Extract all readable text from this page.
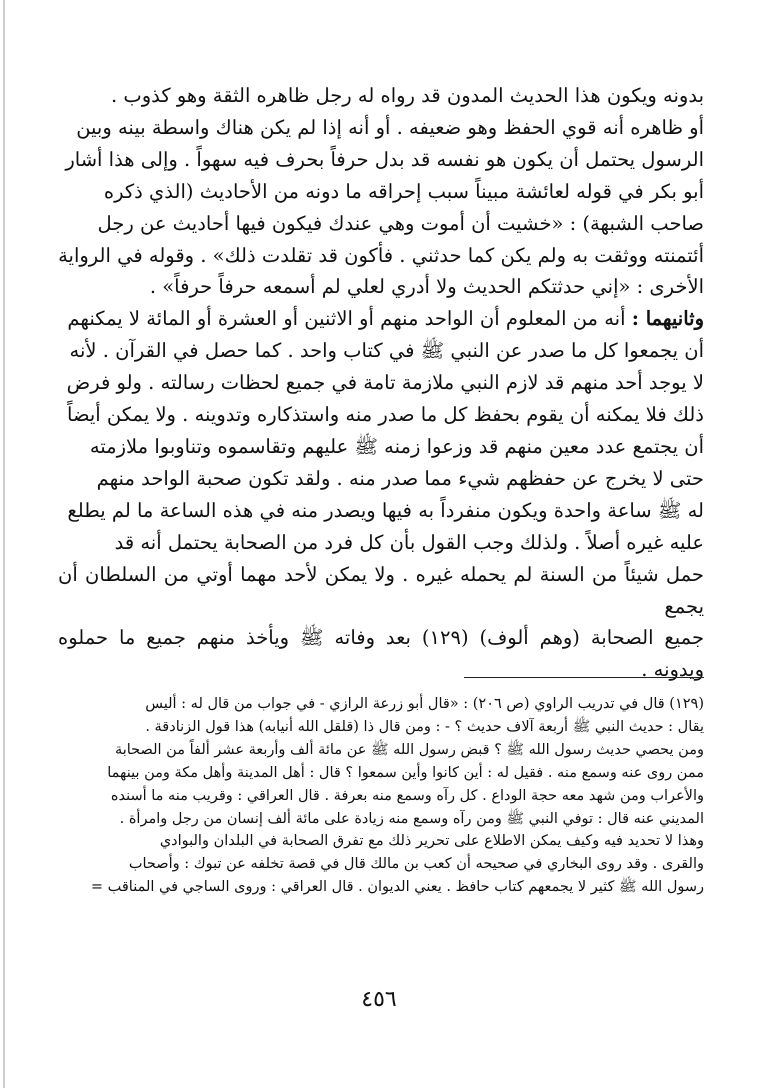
بدونه ويكون هذا الحديث المدون قد رواه له رجل ظاهره الثقة وهو كذوب .

أو ظاهره أنه قوي الحفظ وهو ضعيفه . أو أنه إذا لم يكن هناك واسطة بينه وبين

الرسول يحتمل أن يكون هو نفسه قد بدل حرفاً بحرف فيه سهواً . وإلى هذا أشار

أبو بكر في قوله لعائشة مبيناً سبب إحراقه ما دونه من الأحاديث (الذي ذكره

صاحب الشبهة) : «خشيت أن أموت وهي عندك فيكون فيها أحاديث عن رجل

أئتمنته ووثقت به ولم يكن كما حدثني . فأكون قد تقلدت ذلك» . وقوله في الرواية

الأخرى : «إني حدثتكم الحديث ولا أدري لعلي لم أسمعه حرفاً حرفاً» .

وثانيهما : أنه من المعلوم أن الواحد منهم أو الاثنين أو العشرة أو المائة لا يمكنهم

أن يجمعوا كل ما صدر عن النبي ﷺ في كتاب واحد . كما حصل في القرآن . لأنه

لا يوجد أحد منهم قد لازم النبي ملازمة تامة في جميع لحظات رسالته . ولو فرض

ذلك فلا يمكنه أن يقوم بحفظ كل ما صدر منه واستذكاره وتدوينه . ولا يمكن أيضاً

أن يجتمع عدد معين منهم قد وزعوا زمنه ﷺ عليهم وتقاسموه وتناوبوا ملازمته

حتى لا يخرج عن حفظهم شيء مما صدر منه . ولقد تكون صحبة الواحد منهم

له ﷺ ساعة واحدة ويكون منفرداً به فيها ويصدر منه في هذه الساعة ما لم يطلع

عليه غيره أصلاً . ولذلك وجب القول بأن كل فرد من الصحابة يحتمل أنه قد

حمل شيئاً من السنة لم يحمله غيره . ولا يمكن لأحد مهما أوتي من السلطان أن يجمع

جميع الصحابة (وهم ألوف) (١٢٩) بعد وفاته ﷺ ويأخذ منهم جميع ما حملوه ويدونه .

(١٢٩) قال في تدريب الراوي (ص ٢٠٦) : «قال أبو زرعة الرازي - في جواب من قال له : أليس

يقال : حديث النبي ﷺ أربعة آلاف حديث ؟ - : ومن قال ذا (قلقل الله أنيابه) هذا قول الزنادقة .

ومن يحصي حديث رسول الله ﷺ ؟ قبض رسول الله ﷺ عن مائة ألف وأربعة عشر ألفاً من الصحابة

ممن روى عنه وسمع منه . فقيل له : أين كانوا وأين سمعوا ؟ قال : أهل المدينة وأهل مكة ومن بينهما

والأعراب ومن شهد معه حجة الوداع . كل رآه وسمع منه بعرفة . قال العراقي : وقريب منه ما أسنده

المديني عنه قال : توفي النبي ﷺ ومن رآه وسمع منه زيادة على مائة ألف إنسان من رجل وامرأة .

وهذا لا تحديد فيه وكيف يمكن الاطلاع على تحرير ذلك مع تفرق الصحابة في البلدان والبوادي

والقرى . وقد روى البخاري في صحيحه أن كعب بن مالك قال في قصة تخلفه عن تبوك : وأصحاب

رسول الله ﷺ كثير لا يجمعهم كتاب حافظ . يعني الديوان . قال العراقي : وروى الساجي في المناقب =

٤٥٦
